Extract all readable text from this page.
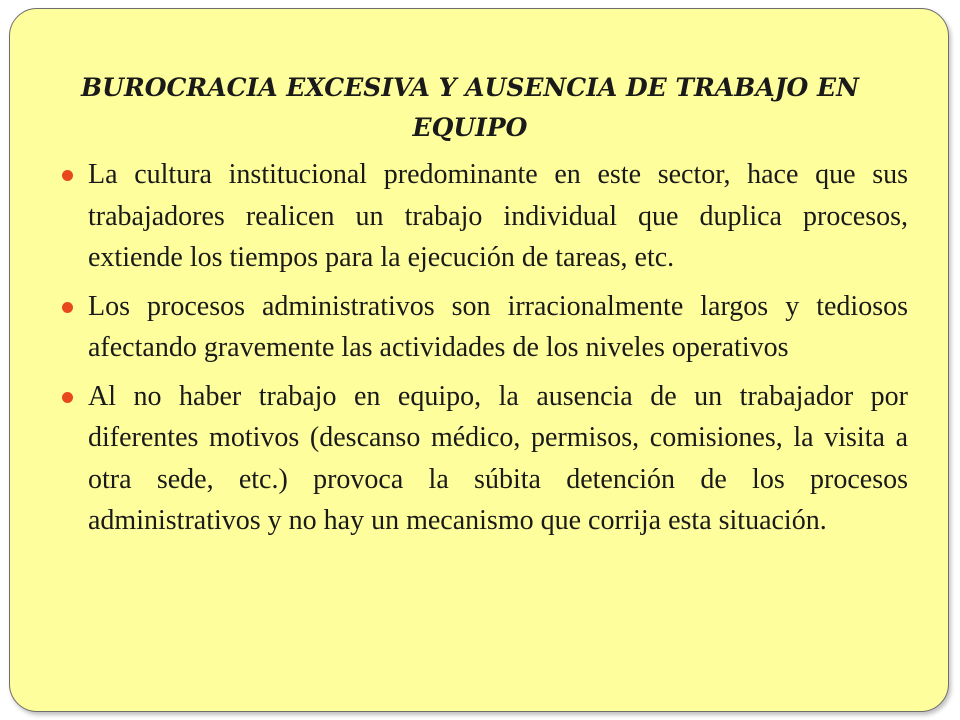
BUROCRACIA EXCESIVA Y AUSENCIA DE TRABAJO EN EQUIPO
La cultura institucional predominante en este sector, hace que sus trabajadores realicen un trabajo individual que duplica procesos, extiende los tiempos para la ejecución de tareas, etc.
Los procesos administrativos son irracionalmente largos y tediosos afectando gravemente las actividades de los niveles operativos
Al no haber trabajo en equipo, la ausencia de un trabajador por diferentes motivos (descanso médico, permisos, comisiones, la visita a otra sede, etc.) provoca la súbita detención de los procesos administrativos y no hay un mecanismo que corrija esta situación.
